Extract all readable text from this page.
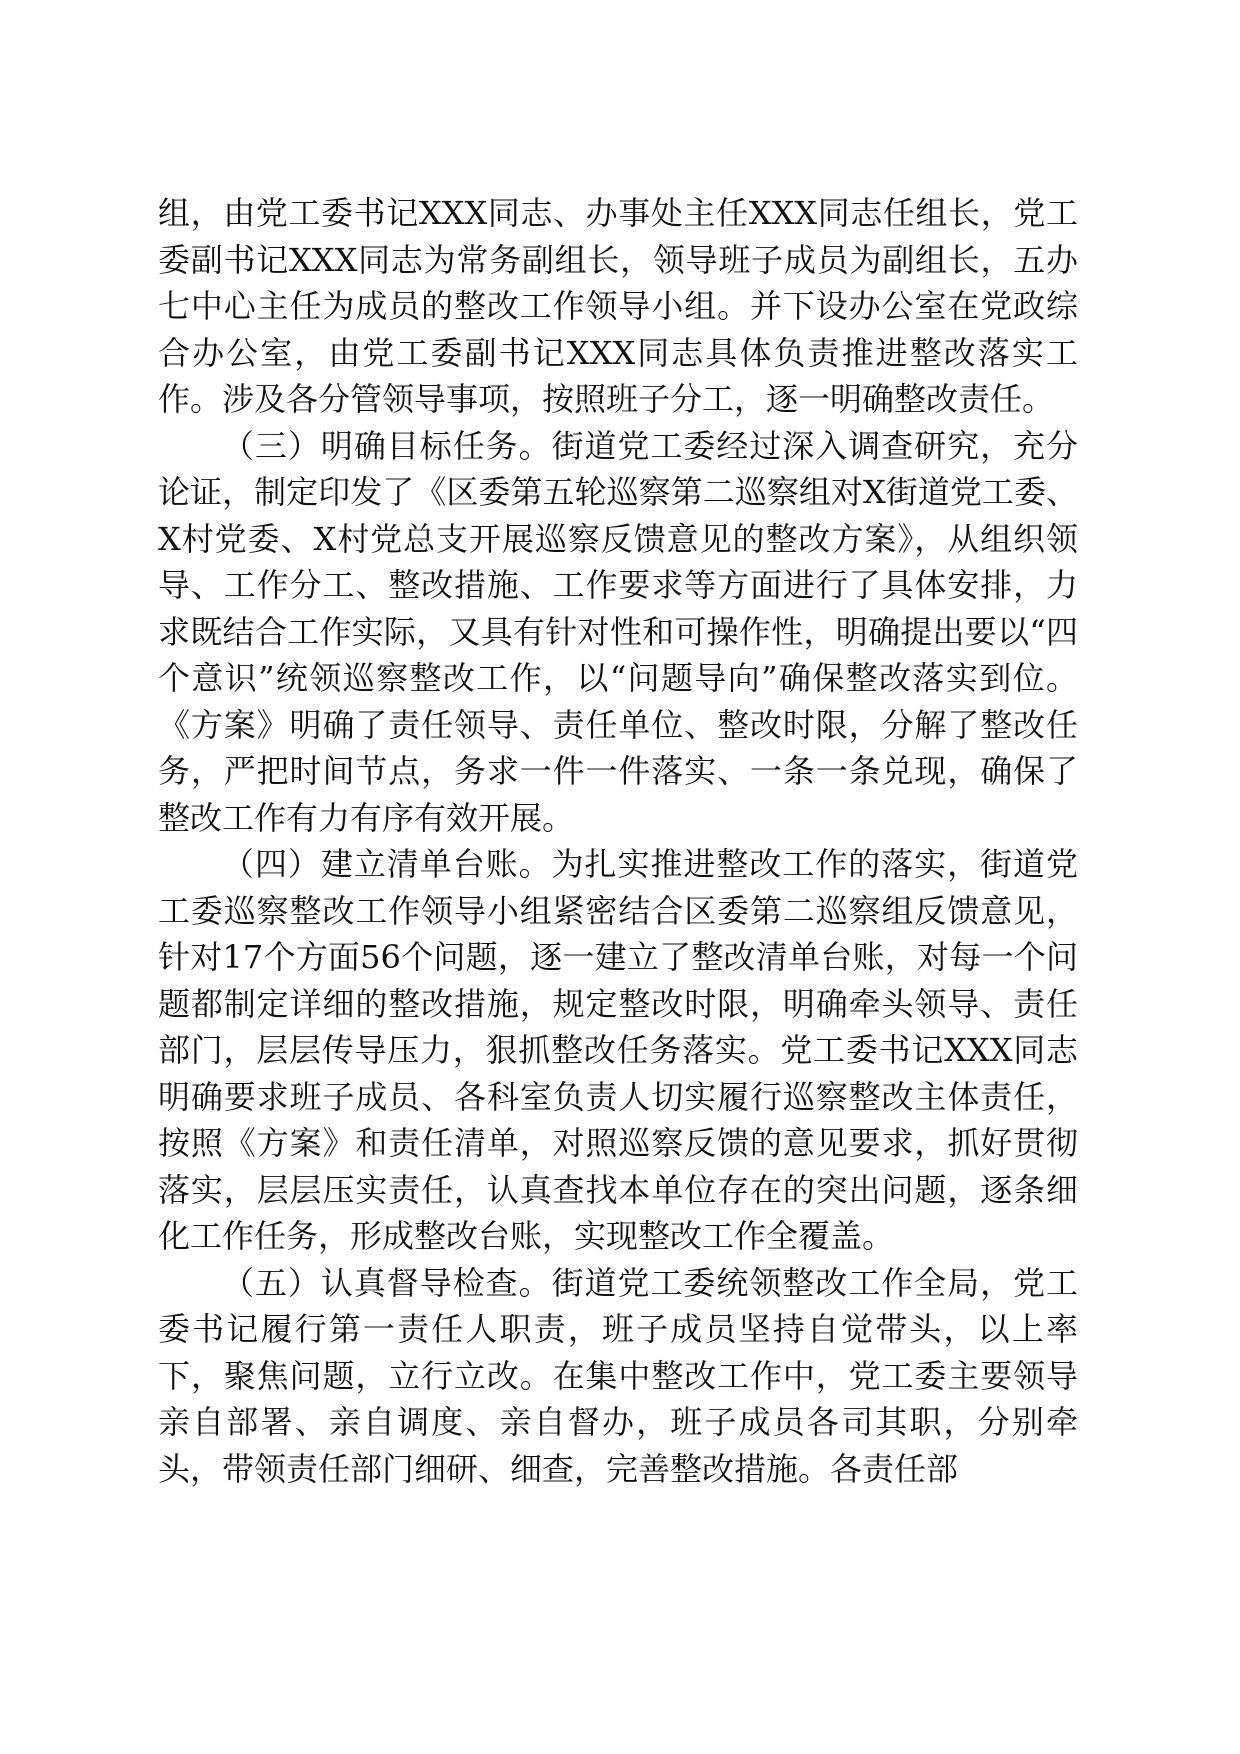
组，由党工委书记XXX同志、办事处主任XXX同志任组长，党工委副书记XXX同志为常务副组长，领导班子成员为副组长，五办七中心主任为成员的整改工作领导小组。并下设办公室在党政综合办公室，由党工委副书记XXX同志具体负责推进整改落实工作。涉及各分管领导事项，按照班子分工，逐一明确整改责任。

（三）明确目标任务。街道党工委经过深入调查研究，充分论证，制定印发了《区委第五轮巡察第二巡察组对X街道党工委、X村党委、X村党总支开展巡察反馈意见的整改方案》，从组织领导、工作分工、整改措施、工作要求等方面进行了具体安排，力求既结合工作实际，又具有针对性和可操作性，明确提出要以“四个意识”统领巡察整改工作，以“问题导向”确保整改落实到位。《方案》明确了责任领导、责任单位、整改时限，分解了整改任务，严把时间节点，务求一件一件落实、一条一条兑现，确保了整改工作有力有序有效开展。

（四）建立清单台账。为扎实推进整改工作的落实，街道党工委巡察整改工作领导小组紧密结合区委第二巡察组反馈意见，针对17个方面56个问题，逐一建立了整改清单台账，对每一个问题都制定详细的整改措施，规定整改时限，明确牵头领导、责任部门，层层传导压力，狠抓整改任务落实。党工委书记XXX同志明确要求班子成员、各科室负责人切实履行巡察整改主体责任，按照《方案》和责任清单，对照巡察反馈的意见要求，抓好贯彻落实，层层压实责任，认真查找本单位存在的突出问题，逐条细化工作任务，形成整改台账，实现整改工作全覆盖。

（五）认真督导检查。街道党工委统领整改工作全局，党工委书记履行第一责任人职责，班子成员坚持自觉带头，以上率下，聚焦问题，立行立改。在集中整改工作中，党工委主要领导亲自部署、亲自调度、亲自督办，班子成员各司其职，分别牵头，带领责任部门细研、细查，完善整改措施。各责任部
